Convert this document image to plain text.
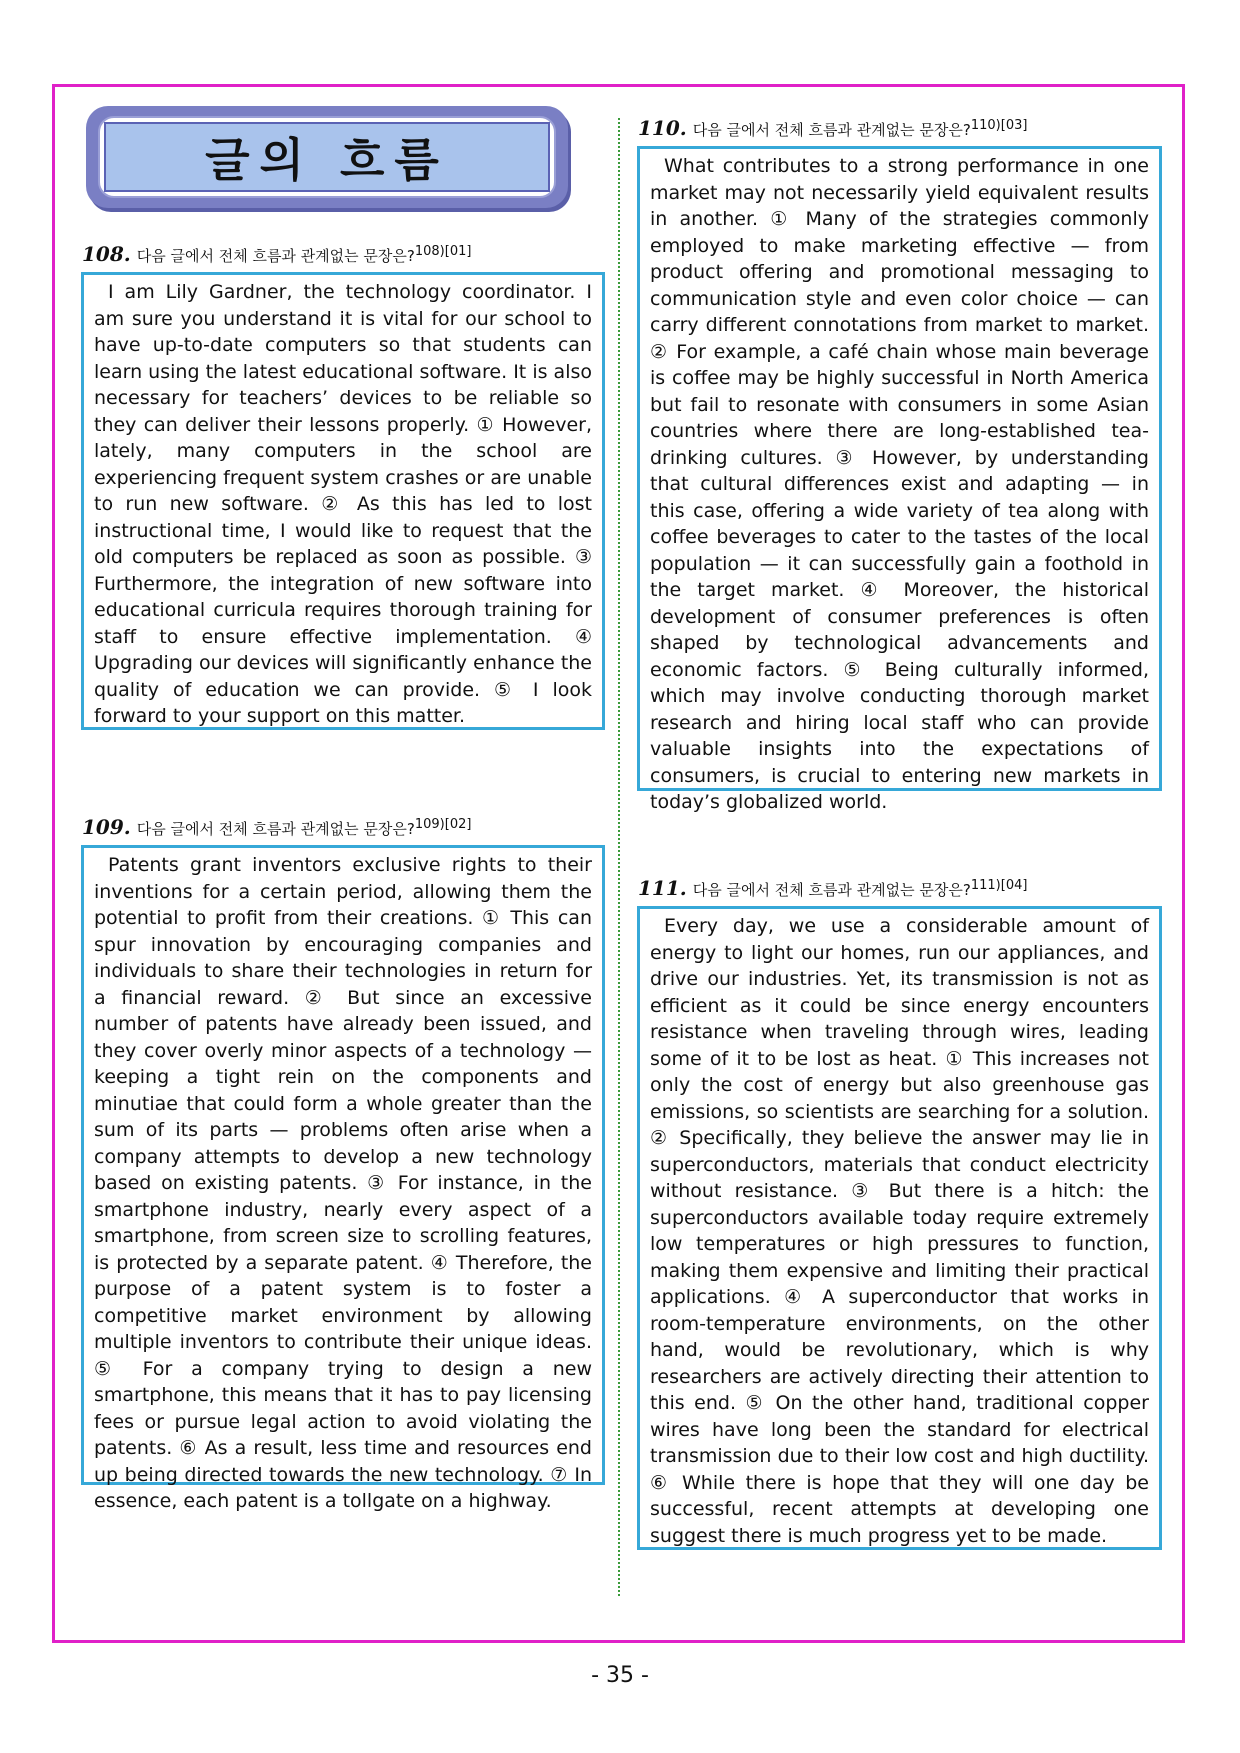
글의 흐름
108. 다음 글에서 전체 흐름과 관계없는 문장은?$^{108)[01]}$

I am Lily Gardner, the technology coordinator. I am sure you understand it is vital for our school to have up-to-date computers so that students can learn using the latest educational software. It is also necessary for teachers’ devices to be reliable so they can deliver their lessons properly. ① However, lately, many computers in the school are experiencing frequent system crashes or are unable to run new software. ② As this has led to lost instructional time, I would like to request that the old computers be replaced as soon as possible. ③ Furthermore, the integration of new software into educational curricula requires thorough training for staff to ensure effective implementation. ④ Upgrading our devices will significantly enhance the quality of education we can provide. ⑤ I look forward to your support on this matter.

109. 다음 글에서 전체 흐름과 관계없는 문장은?$^{109)[02]}$

Patents grant inventors exclusive rights to their inventions for a certain period, allowing them the potential to profit from their creations. ① This can spur innovation by encouraging companies and individuals to share their technologies in return for a financial reward. ② But since an excessive number of patents have already been issued, and they cover overly minor aspects of a technology — keeping a tight rein on the components and minutiae that could form a whole greater than the sum of its parts — problems often arise when a company attempts to develop a new technology based on existing patents. ③ For instance, in the smartphone industry, nearly every aspect of a smartphone, from screen size to scrolling features, is protected by a separate patent. ④ Therefore, the purpose of a patent system is to foster a competitive market environment by allowing multiple inventors to contribute their unique ideas. ⑤ For a company trying to design a new smartphone, this means that it has to pay licensing fees or pursue legal action to avoid violating the patents. ⑥ As a result, less time and resources end up being directed towards the new technology. ⑦ In essence, each patent is a tollgate on a highway.

110. 다음 글에서 전체 흐름과 관계없는 문장은?$^{110)[03]}$

What contributes to a strong performance in one market may not necessarily yield equivalent results in another. ① Many of the strategies commonly employed to make marketing effective — from product offering and promotional messaging to communication style and even color choice — can carry different connotations from market to market. ② For example, a café chain whose main beverage is coffee may be highly successful in North America but fail to resonate with consumers in some Asian countries where there are long-established tea-drinking cultures. ③ However, by understanding that cultural differences exist and adapting — in this case, offering a wide variety of tea along with coffee beverages to cater to the tastes of the local population — it can successfully gain a foothold in the target market. ④ Moreover, the historical development of consumer preferences is often shaped by technological advancements and economic factors. ⑤ Being culturally informed, which may involve conducting thorough market research and hiring local staff who can provide valuable insights into the expectations of consumers, is crucial to entering new markets in today’s globalized world.

111. 다음 글에서 전체 흐름과 관계없는 문장은?$^{111)[04]}$

Every day, we use a considerable amount of energy to light our homes, run our appliances, and drive our industries. Yet, its transmission is not as efficient as it could be since energy encounters resistance when traveling through wires, leading some of it to be lost as heat. ① This increases not only the cost of energy but also greenhouse gas emissions, so scientists are searching for a solution. ② Specifically, they believe the answer may lie in superconductors, materials that conduct electricity without resistance. ③ But there is a hitch: the superconductors available today require extremely low temperatures or high pressures to function, making them expensive and limiting their practical applications. ④ A superconductor that works in room-temperature environments, on the other hand, would be revolutionary, which is why researchers are actively directing their attention to this end. ⑤ On the other hand, traditional copper wires have long been the standard for electrical transmission due to their low cost and high ductility. ⑥ While there is hope that they will one day be successful, recent attempts at developing one suggest there is much progress yet to be made.

- 35 -
